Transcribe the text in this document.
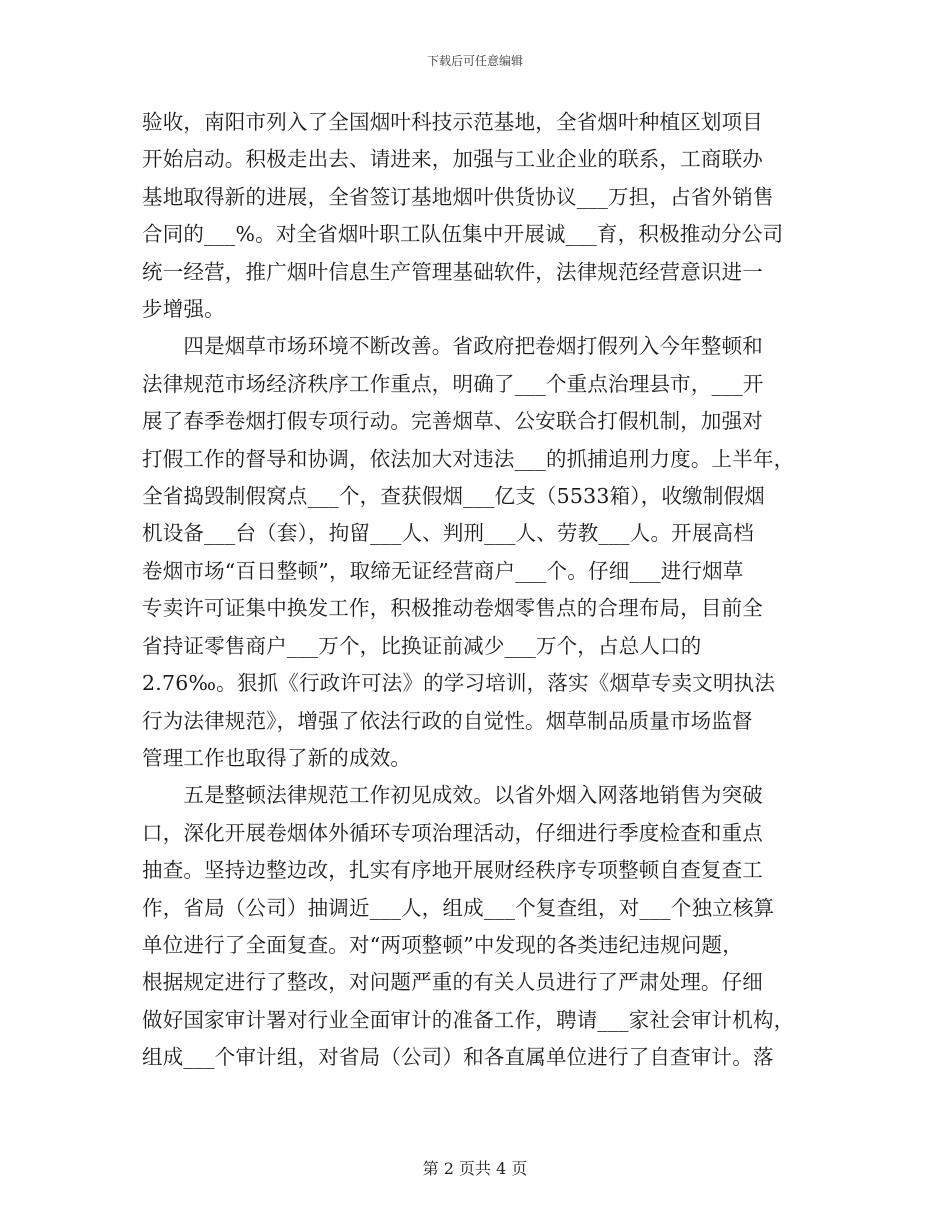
下载后可任意编辑
验收，南阳市列入了全国烟叶科技示范基地，全省烟叶种植区划项目
开始启动。积极走出去、请进来，加强与工业企业的联系，工商联办
基地取得新的进展，全省签订基地烟叶供货协议___万担，占省外销售
合同的___%。对全省烟叶职工队伍集中开展诚___育，积极推动分公司
统一经营，推广烟叶信息生产管理基础软件，法律规范经营意识进一
步增强。
　　四是烟草市场环境不断改善。省政府把卷烟打假列入今年整顿和
法律规范市场经济秩序工作重点，明确了___个重点治理县市，___开
展了春季卷烟打假专项行动。完善烟草、公安联合打假机制，加强对
打假工作的督导和协调，依法加大对违法___的抓捕追刑力度。上半年，
全省捣毁制假窝点___个，查获假烟___亿支（5533箱），收缴制假烟
机设备___台（套），拘留___人、判刑___人、劳教___人。开展高档
卷烟市场“百日整顿”，取缔无证经营商户___个。仔细___进行烟草
专卖许可证集中换发工作，积极推动卷烟零售点的合理布局，目前全
省持证零售商户___万个，比换证前减少___万个，占总人口的
2.76‰。狠抓《行政许可法》的学习培训，落实《烟草专卖文明执法
行为法律规范》，增强了依法行政的自觉性。烟草制品质量市场监督
管理工作也取得了新的成效。
　　五是整顿法律规范工作初见成效。以省外烟入网落地销售为突破
口，深化开展卷烟体外循环专项治理活动，仔细进行季度检查和重点
抽查。坚持边整边改，扎实有序地开展财经秩序专项整顿自查复查工
作，省局（公司）抽调近___人，组成___个复查组，对___个独立核算
单位进行了全面复查。对“两项整顿”中发现的各类违纪违规问题，
根据规定进行了整改，对问题严重的有关人员进行了严肃处理。仔细
做好国家审计署对行业全面审计的准备工作，聘请___家社会审计机构，
组成___个审计组，对省局（公司）和各直属单位进行了自查审计。落
第 2 页共 4 页
